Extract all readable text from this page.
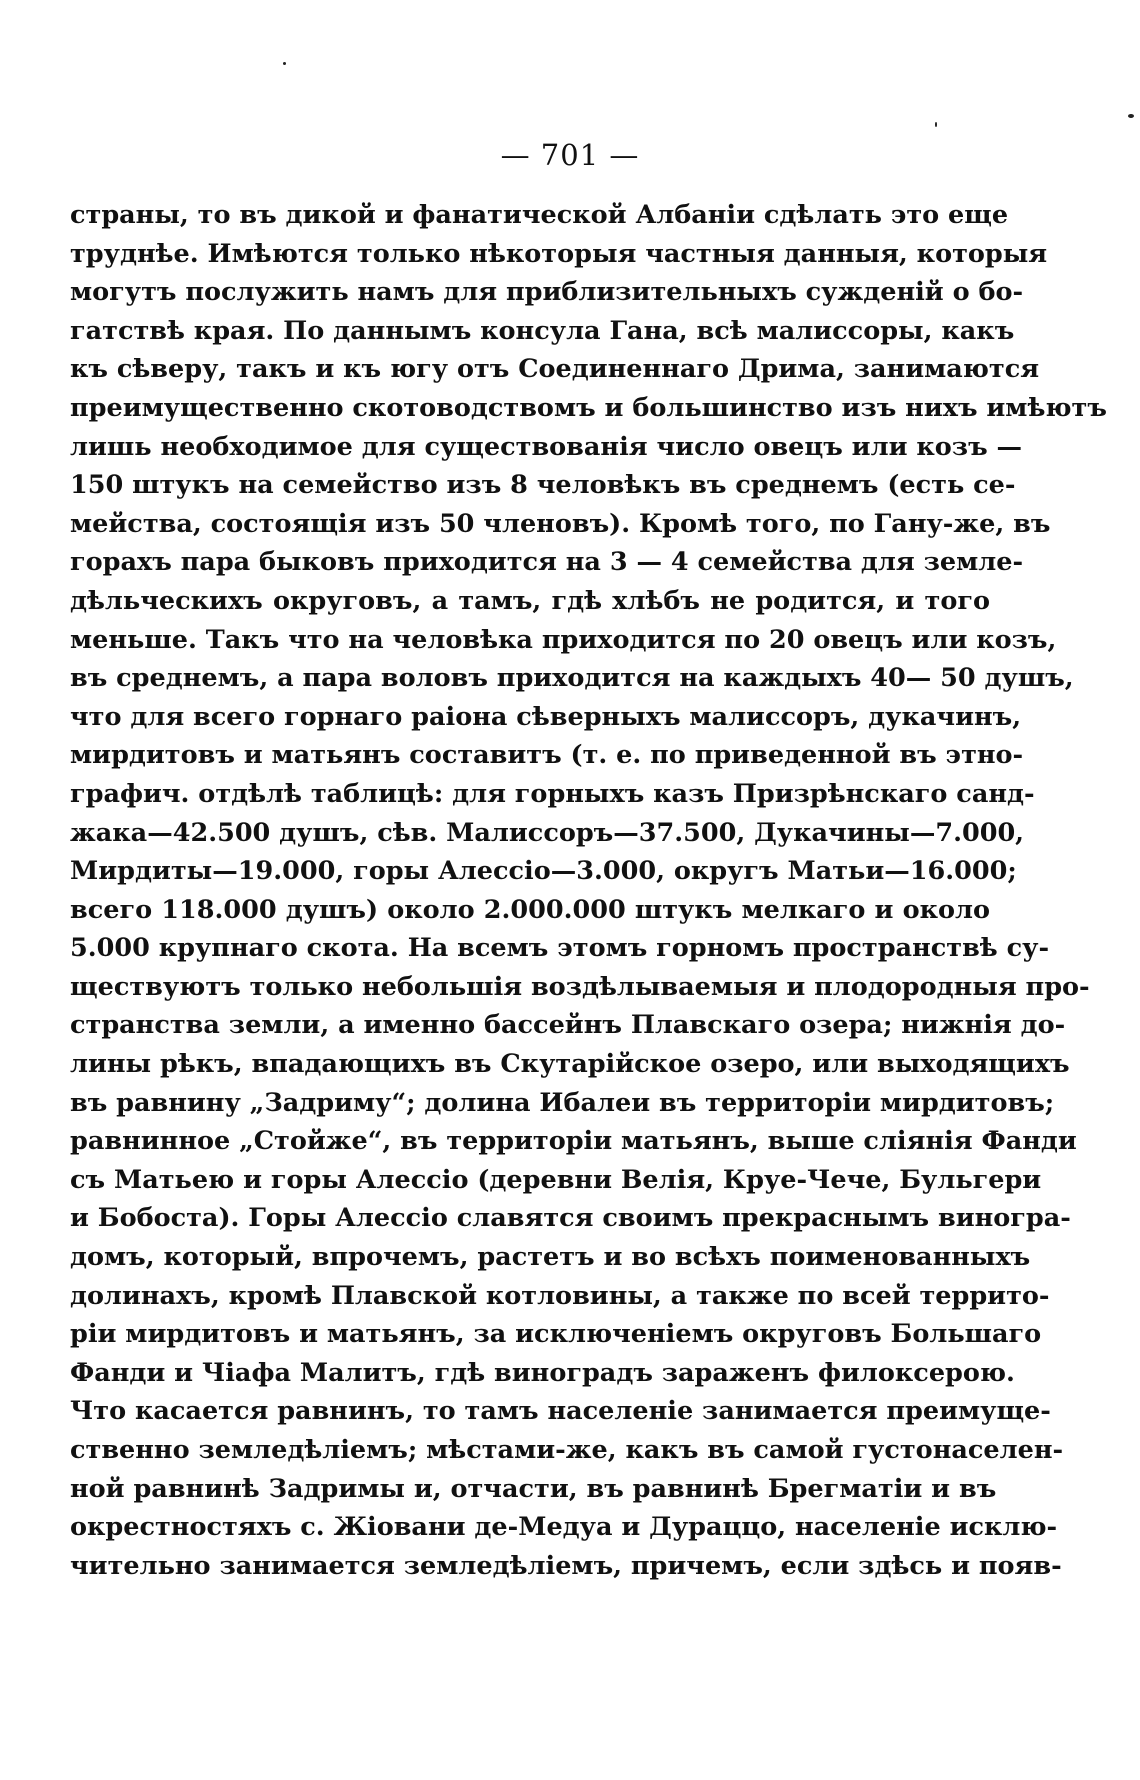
— 701 —
страны, то въ дикой и фанатической Албаніи сдѣлать это еще
труднѣе. Имѣются только нѣкоторыя частныя данныя, которыя
могутъ послужить намъ для приблизительныхъ сужденій о бо-
гатствѣ края. По даннымъ консула Гана, всѣ малиссоры, какъ
къ сѣверу, такъ и къ югу отъ Соединеннаго Дрима, занимаются
преимущественно скотоводствомъ и большинство изъ нихъ имѣютъ
лишь необходимое для существованія число овецъ или козъ —
150 штукъ на семейство изъ 8 человѣкъ въ среднемъ (есть се-
мейства, состоящія изъ 50 членовъ). Кромѣ того, по Гану-же, въ
горахъ пара быковъ приходится на 3 — 4 семейства для земле-
дѣльческихъ округовъ, а тамъ, гдѣ хлѣбъ не родится, и того
меньше. Такъ что на человѣка приходится по 20 овецъ или козъ,
въ среднемъ, а пара воловъ приходится на каждыхъ 40— 50 душъ,
что для всего горнаго раіона сѣверныхъ малиссоръ, дукачинъ,
мирдитовъ и матьянъ составитъ (т. е. по приведенной въ этно-
графич. отдѣлѣ таблицѣ: для горныхъ казъ Призрѣнскаго санд-
жака—42.500 душъ, сѣв. Малиссоръ—37.500, Дукачины—7.000,
Мирдиты—19.000, горы Алессіо—3.000, округъ Матьи—16.000;
всего 118.000 душъ) около 2.000.000 штукъ мелкаго и около
5.000 крупнаго скота. На всемъ этомъ горномъ пространствѣ су-
ществуютъ только небольшія воздѣлываемыя и плодородныя про-
странства земли, а именно бассейнъ Плавскаго озера; нижнія до-
лины рѣкъ, впадающихъ въ Скутарійское озеро, или выходящихъ
въ равнину „Задриму“; долина Ибалеи въ территоріи мирдитовъ;
равнинное „Стойже“, въ территоріи матьянъ, выше сліянія Фанди
съ Матьею и горы Алессіо (деревни Велія, Круе-Чече, Бульгери
и Бобоста). Горы Алессіо славятся своимъ прекраснымъ виногра-
домъ, который, впрочемъ, растетъ и во всѣхъ поименованныхъ
долинахъ, кромѣ Плавской котловины, а также по всей террито-
ріи мирдитовъ и матьянъ, за исключеніемъ округовъ Большаго
Фанди и Чіафа Малитъ, гдѣ виноградъ зараженъ филоксерою.
Что касается равнинъ, то тамъ населеніе занимается преимуще-
ственно земледѣліемъ; мѣстами-же, какъ въ самой густонаселен-
ной равнинѣ Задримы и, отчасти, въ равнинѣ Брегматіи и въ
окрестностяхъ с. Жіовани де-Медуа и Дураццо, населеніе исклю-
чительно занимается земледѣліемъ, причемъ, если здѣсь и появ-
